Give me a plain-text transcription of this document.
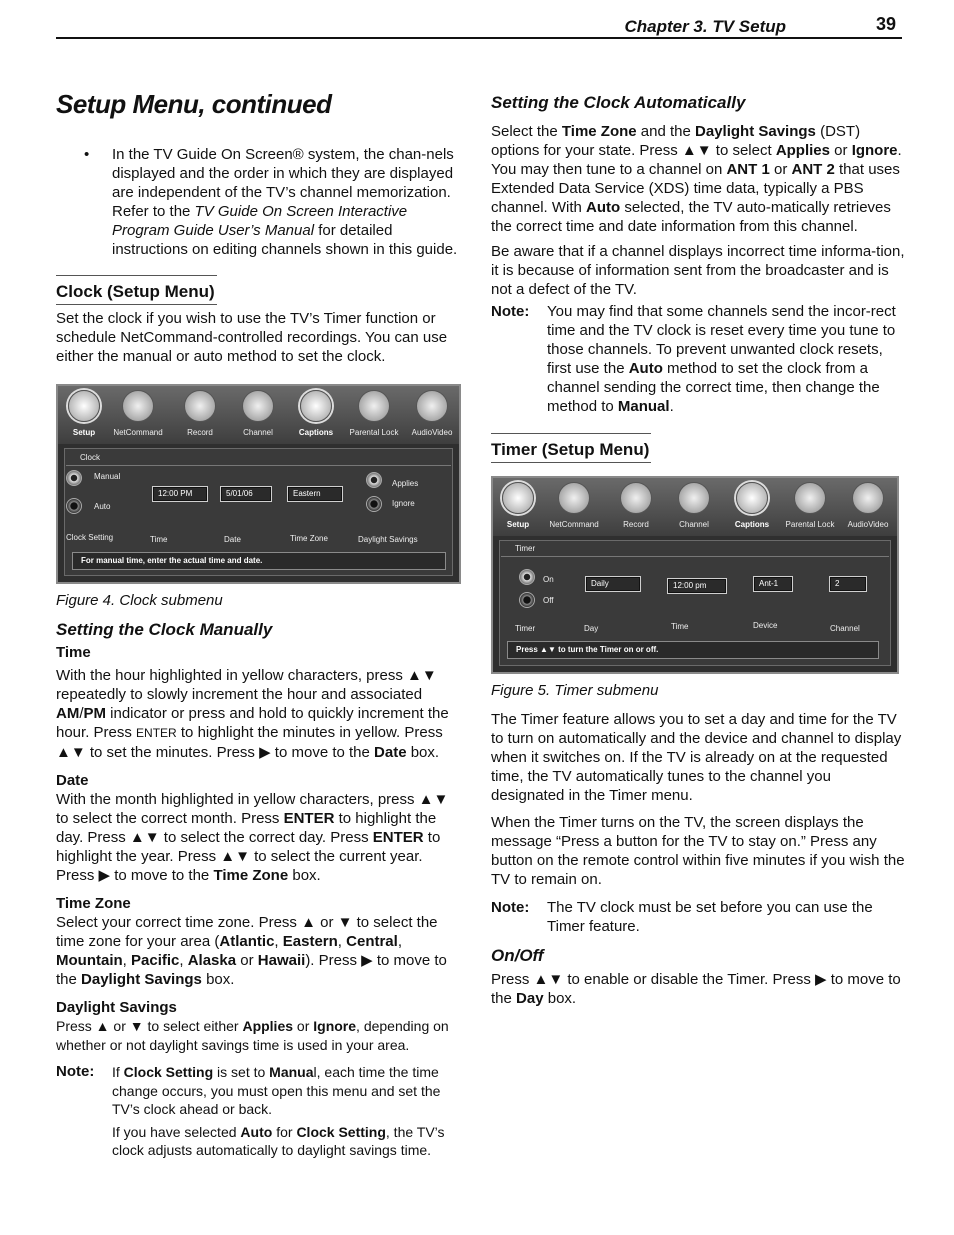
Chapter 3. TV Setup	39
Setup Menu, continued
• In the TV Guide On Screen® system, the chan-nels displayed and the order in which they are displayed are independent of the TV’s channel memorization. Refer to the TV Guide On Screen Interactive Program Guide User’s Manual for detailed instructions on editing channels shown in this guide.
Clock (Setup Menu)

Set the clock if you wish to use the TV’s Timer function or schedule NetCommand-controlled recordings. You can use either the manual or auto method to set the clock.

Setup	NetCommand	Record	Channel	Captions	Parental Lock	AudioVideo
Clock
Manual
Auto
12:00 PM	5/01/06	Eastern
Applies
Ignore
Clock Setting	Time	Date	Time Zone	Daylight Savings
For manual time, enter the actual time and date.

Figure 4. Clock submenu

Setting the Clock Manually
Time

With the hour highlighted in yellow characters, press ▲▼ repeatedly to slowly increment the hour and associated AM/PM indicator or press and hold to quickly increment the hour. Press ENTER to highlight the minutes in yellow. Press ▲▼ to set the minutes. Press ▶ to move to the Date box.

Date

With the month highlighted in yellow characters, press ▲▼ to select the correct month. Press ENTER to highlight the day. Press ▲▼ to select the correct day. Press ENTER to highlight the year. Press ▲▼ to select the current year. Press ▶ to move to the Time Zone box.

Time Zone

Select your correct time zone. Press ▲ or ▼ to select the time zone for your area (Atlantic, Eastern, Central, Mountain, Pacific, Alaska or Hawaii). Press ▶ to move to the Daylight Savings box.

Daylight Savings

Press ▲ or ▼ to select either Applies or Ignore, depending on whether or not daylight savings time is used in your area.

Note: If Clock Setting is set to Manual, each time the time change occurs, you must open this menu and set the TV’s clock ahead or back.

If you have selected Auto for Clock Setting, the TV’s clock adjusts automatically to daylight savings time.

Setting the Clock Automatically

Select the Time Zone and the Daylight Savings (DST) options for your state. Press ▲▼ to select Applies or Ignore. You may then tune to a channel on ANT 1 or ANT 2 that uses Extended Data Service (XDS) time data, typically a PBS channel. With Auto selected, the TV auto-matically retrieves the correct time and date information from this channel.

Be aware that if a channel displays incorrect time informa-tion, it is because of information sent from the broadcaster and is not a defect of the TV.

Note: You may find that some channels send the incor-rect time and the TV clock is reset every time you tune to those channels. To prevent unwanted clock resets, first use the Auto method to set the clock from a channel sending the correct time, then change the method to Manual.

Timer (Setup Menu)
Setup	NetCommand	Record	Channel	Captions	Parental Lock	AudioVideo
Timer
On
Off
Daily	12:00 pm	Ant-1	2
Timer	Day	Time	Device	Channel
Press ▲▼ to turn the Timer on or off.

Figure 5. Timer submenu

The Timer feature allows you to set a day and time for the TV to turn on automatically and the device and channel to display when it switches on. If the TV is already on at the requested time, the TV automatically tunes to the channel you designated in the Timer menu.

When the Timer turns on the TV, the screen displays the message “Press a button for the TV to stay on.” Press any button on the remote control within five minutes if you wish the TV to remain on.

Note: The TV clock must be set before you can use the Timer feature.

On/Off

Press ▲▼ to enable or disable the Timer. Press ▶ to move to the Day box.
